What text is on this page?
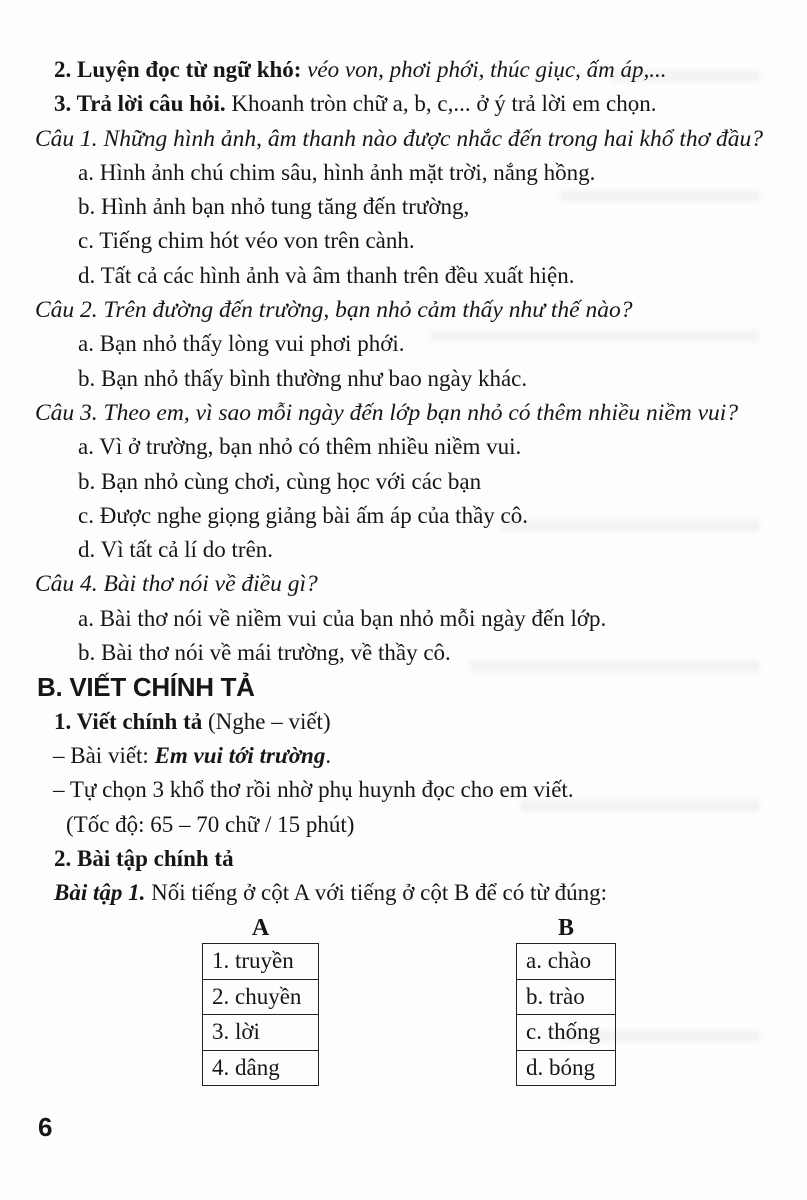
2. Luyện đọc từ ngữ khó: véo von, phơi phới, thúc giục, ấm áp,...

3. Trả lời câu hỏi. Khoanh tròn chữ a, b, c,... ở ý trả lời em chọn.

Câu 1. Những hình ảnh, âm thanh nào được nhắc đến trong hai khổ thơ đầu?

a. Hình ảnh chú chim sâu, hình ảnh mặt trời, nắng hồng.

b. Hình ảnh bạn nhỏ tung tăng đến trường,

c. Tiếng chim hót véo von trên cành.

d. Tất cả các hình ảnh và âm thanh trên đều xuất hiện.

Câu 2. Trên đường đến trường, bạn nhỏ cảm thấy như thế nào?

a. Bạn nhỏ thấy lòng vui phơi phới.

b. Bạn nhỏ thấy bình thường như bao ngày khác.

Câu 3. Theo em, vì sao mỗi ngày đến lớp bạn nhỏ có thêm nhiều niềm vui?

a. Vì ở trường, bạn nhỏ có thêm nhiều niềm vui.

b. Bạn nhỏ cùng chơi, cùng học với các bạn

c. Được nghe giọng giảng bài ấm áp của thầy cô.

d. Vì tất cả lí do trên.

Câu 4. Bài thơ nói về điều gì?

a. Bài thơ nói về niềm vui của bạn nhỏ mỗi ngày đến lớp.

b. Bài thơ nói về mái trường, về thầy cô.

B. VIẾT CHÍNH TẢ

1. Viết chính tả (Nghe – viết)

– Bài viết: Em vui tới trường.

– Tự chọn 3 khổ thơ rồi nhờ phụ huynh đọc cho em viết.

(Tốc độ: 65 – 70 chữ / 15 phút)

2. Bài tập chính tả

Bài tập 1. Nối tiếng ở cột A với tiếng ở cột B để có từ đúng:

A
1. truyền
2. chuyền
3. lời
4. dâng
B
a. chào
b. trào
c. thống
d. bóng
6
